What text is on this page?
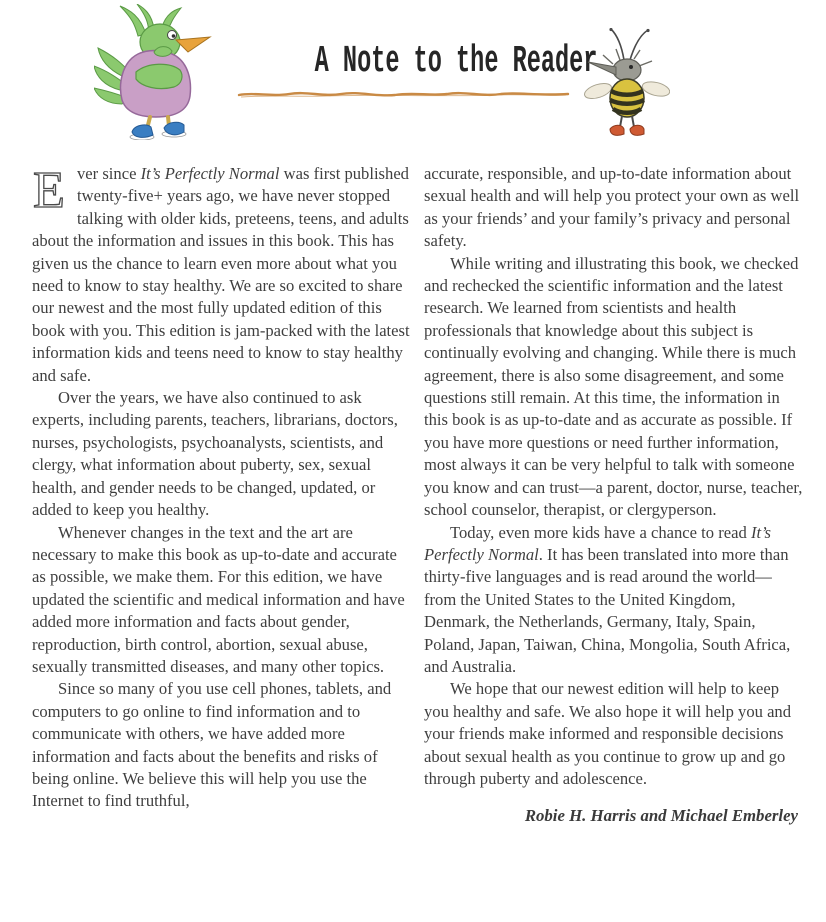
A Note to the Reader

E ver since It’s Perfectly Normal was first published twenty-five+ years ago, we have never stopped talking with older kids, preteens, teens, and adults about the information and issues in this book. This has given us the chance to learn even more about what you need to know to stay healthy. We are so excited to share our newest and the most fully updated edition of this book with you. This edition is jam-packed with the latest information kids and teens need to know to stay healthy and safe.

Over the years, we have also continued to ask experts, including parents, teachers, librarians, doctors, nurses, psychologists, psychoanalysts, scientists, and clergy, what information about puberty, sex, sexual health, and gender needs to be changed, updated, or added to keep you healthy.

Whenever changes in the text and the art are necessary to make this book as up-to-date and accurate as possible, we make them. For this edition, we have updated the scientific and medical information and have added more information and facts about gender, reproduction, birth control, abortion, sexual abuse, sexually transmitted diseases, and many other topics.

Since so many of you use cell phones, tablets, and computers to go online to find information and to communicate with others, we have added more information and facts about the benefits and risks of being online. We believe this will help you use the Internet to find truthful,

accurate, responsible, and up-to-date information about sexual health and will help you protect your own as well as your friends’ and your family’s privacy and personal safety.

While writing and illustrating this book, we checked and rechecked the scientific information and the latest research. We learned from scientists and health professionals that knowledge about this subject is continually evolving and changing. While there is much agreement, there is also some disagreement, and some questions still remain. At this time, the information in this book is as up-to-date and as accurate as possible. If you have more questions or need further information, most always it can be very helpful to talk with someone you know and can trust—a parent, doctor, nurse, teacher, school counselor, therapist, or clergyperson.

Today, even more kids have a chance to read It’s Perfectly Normal. It has been translated into more than thirty-five languages and is read around the world—from the United States to the United Kingdom, Denmark, the Netherlands, Germany, Italy, Spain, Poland, Japan, Taiwan, China, Mongolia, South Africa, and Australia.

We hope that our newest edition will help to keep you healthy and safe. We also hope it will help you and your friends make informed and responsible decisions about sexual health as you continue to grow up and go through puberty and adolescence.

Robie H. Harris and Michael Emberley
